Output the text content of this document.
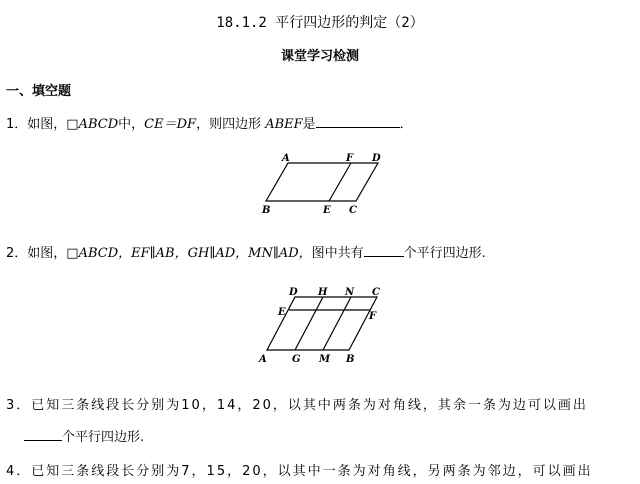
18.1.2 平行四边形的判定（2）
课堂学习检测
一、填空题
1．如图，□ABCD中，CE＝DF，则四边形 ABEF是	．
A	F D
B	E C
2．如图，□ABCD，EF∥AB，GH∥AD，MN∥AD，图中共有	个平行四边形.
D H N C
E	F
A	G M B
3．已知三条线段长分别为10，14，20，以其中两条为对角线，其余一条为边可以画出
个平行四边形.
4．已知三条线段长分别为7，15，20，以其中一条为对角线，另两条为邻边，可以画出
